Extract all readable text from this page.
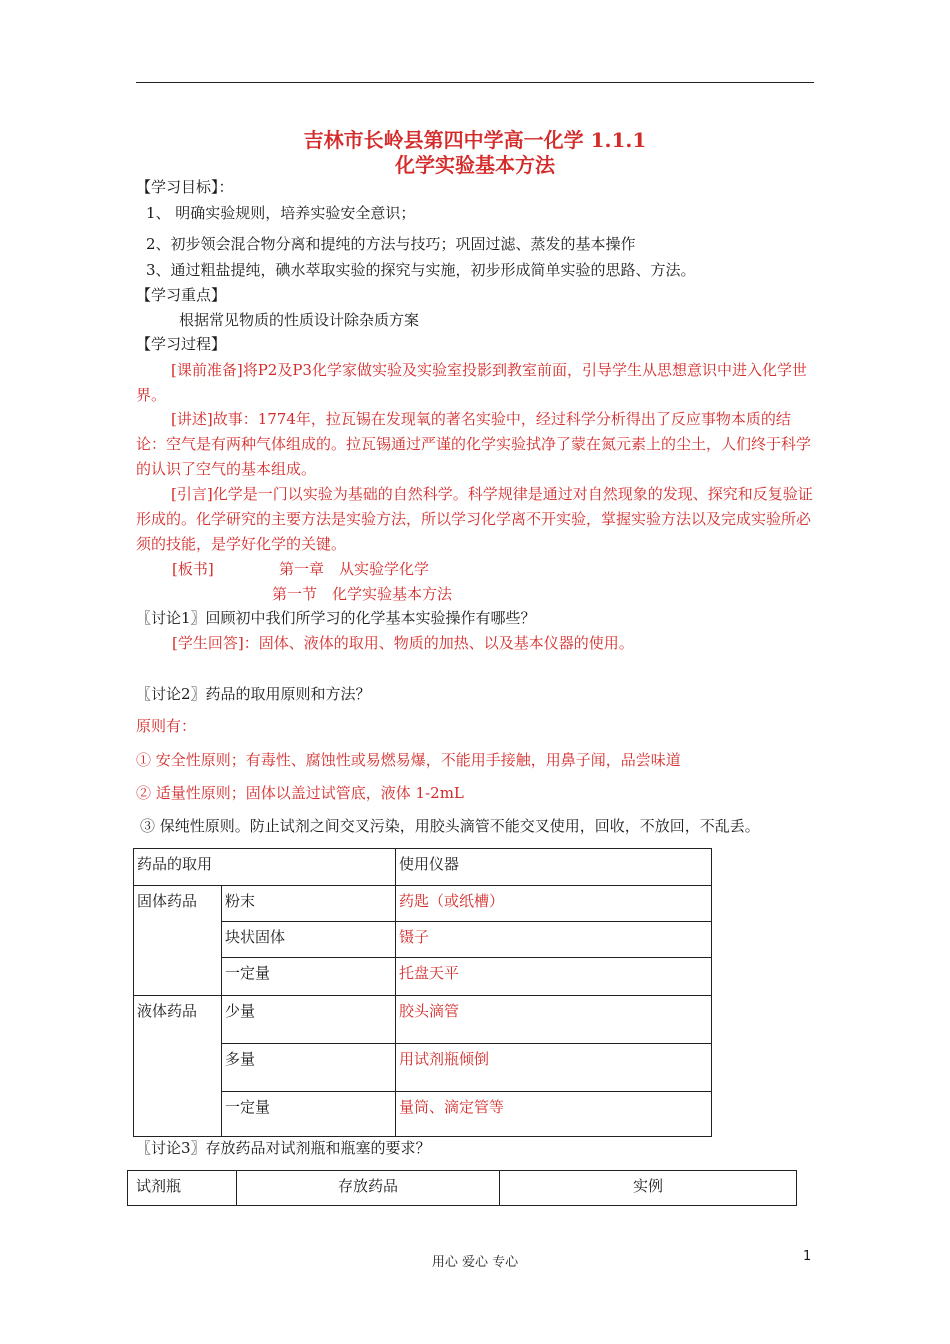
吉林市长岭县第四中学高一化学 1.1.1
化学实验基本方法
【学习目标】：
1、 明确实验规则，培养实验安全意识；
2、初步领会混合物分离和提纯的方法与技巧；巩固过滤、蒸发的基本操作
3、通过粗盐提纯，碘水萃取实验的探究与实施，初步形成简单实验的思路、方法。
【学习重点】
根据常见物质的性质设计除杂质方案
【学习过程】
[课前准备]将P2及P3化学家做实验及实验室投影到教室前面，引导学生从思想意识中进入化学世界。
[讲述]故事：1774年，拉瓦锡在发现氧的著名实验中，经过科学分析得出了反应事物本质的结论：空气是有两种气体组成的。拉瓦锡通过严谨的化学实验拭净了蒙在氮元素上的尘土，人们终于科学的认识了空气的基本组成。
[引言]化学是一门以实验为基础的自然科学。科学规律是通过对自然现象的发现、探究和反复验证形成的。化学研究的主要方法是实验方法，所以学习化学离不开实验，掌握实验方法以及完成实验所必须的技能，是学好化学的关键。
[板书]	第一章　从实验学化学
第一节　化学实验基本方法
〖讨论1〗回顾初中我们所学习的化学基本实验操作有哪些？
[学生回答]：固体、液体的取用、物质的加热、以及基本仪器的使用。
〖讨论2〗药品的取用原则和方法？
原则有：
① 安全性原则；有毒性、腐蚀性或易燃易爆，不能用手接触，用鼻子闻，品尝味道
② 适量性原则；固体以盖过试管底，液体 1-2mL
③ 保纯性原则。防止试剂之间交叉污染，用胶头滴管不能交叉使用，回收，不放回，不乱丢。
药品的取用		使用仪器
固体药品	粉末	药匙（或纸槽）
	块状固体	镊子
	一定量	托盘天平
液体药品	少量	胶头滴管
	多量	用试剂瓶倾倒
	一定量	量筒、滴定管等
〖讨论3〗存放药品对试剂瓶和瓶塞的要求？
试剂瓶	存放药品	实例
用心 爱心 专心	1
